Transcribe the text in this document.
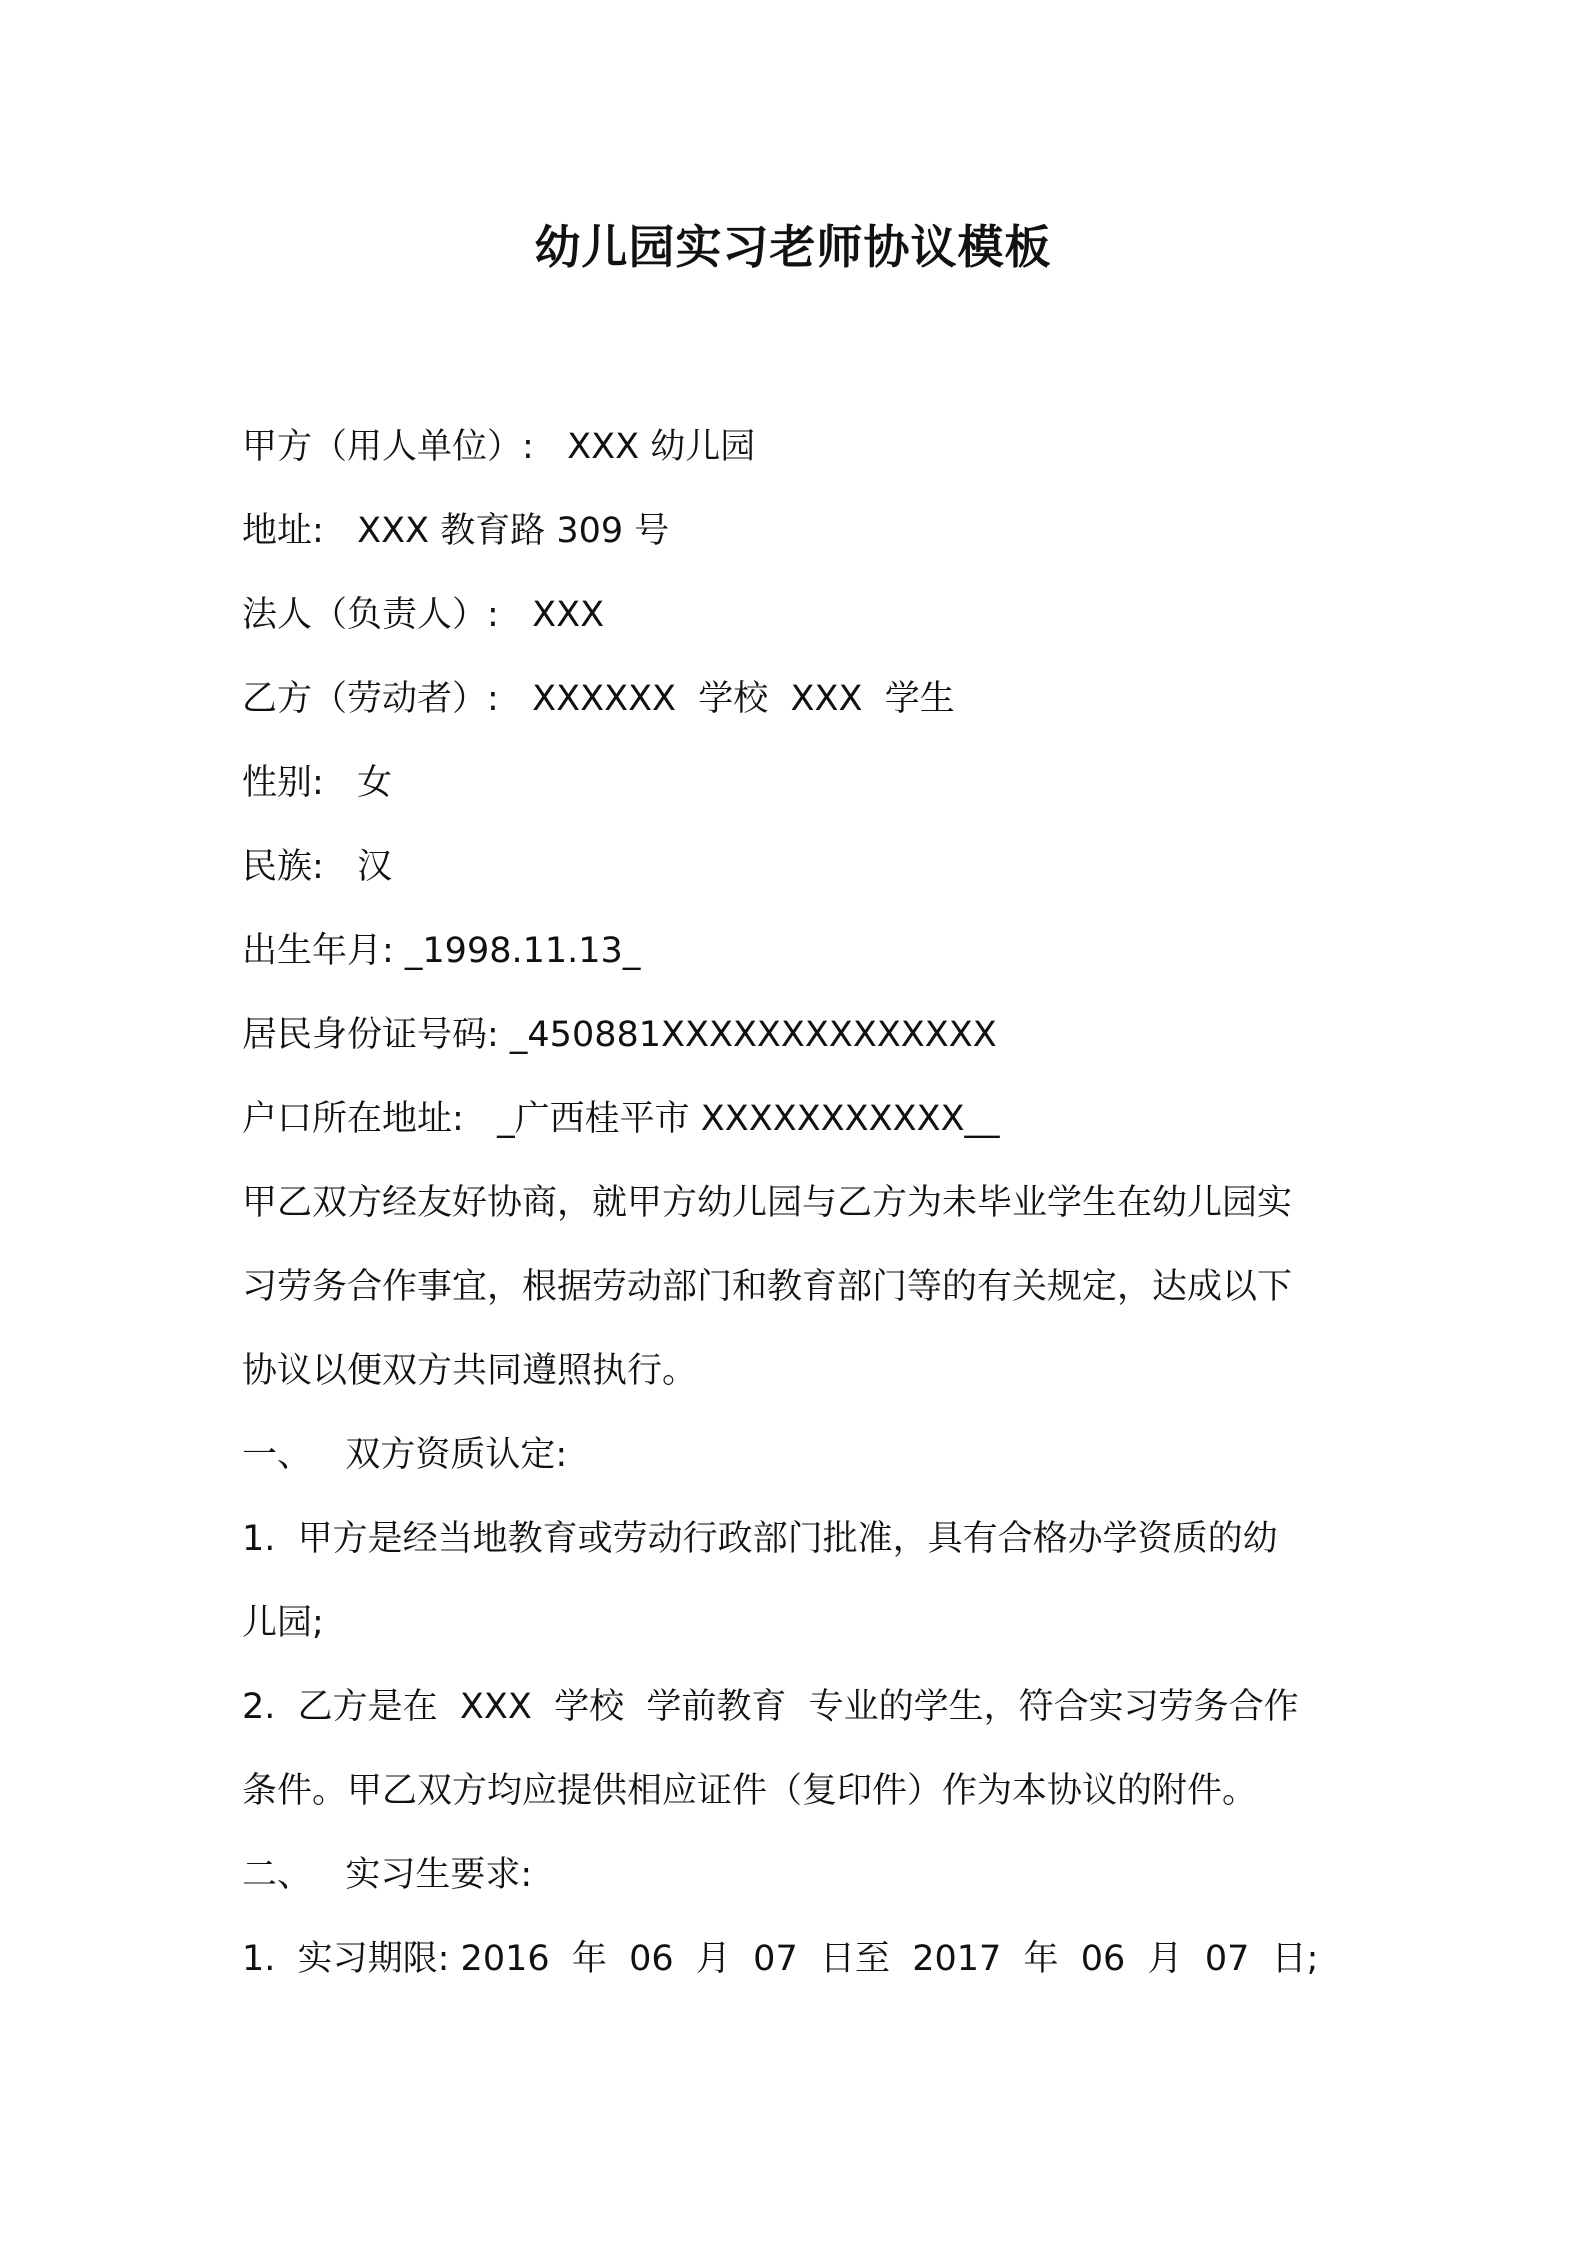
幼儿园实习老师协议模板

甲方（用人单位）:   XXX 幼儿园

地址:   XXX 教育路 309 号

法人（负责人）:   XXX

乙方（劳动者）:   XXXXXX  学校  XXX  学生

性别:   女

民族:   汉

出生年月: _1998.11.13_

居民身份证号码: _450881XXXXXXXXXXXXXX

户口所在地址:   _广西桂平市 XXXXXXXXXXX__

甲乙双方经友好协商，就甲方幼儿园与乙方为未毕业学生在幼儿园实

习劳务合作事宜，根据劳动部门和教育部门等的有关规定，达成以下

协议以便双方共同遵照执行。

一、   双方资质认定:

1.  甲方是经当地教育或劳动行政部门批准，具有合格办学资质的幼

儿园;

2.  乙方是在  XXX  学校  学前教育  专业的学生，符合实习劳务合作

条件。甲乙双方均应提供相应证件（复印件）作为本协议的附件。

二、   实习生要求:

1.  实习期限: 2016  年  06  月  07  日至  2017  年  06  月  07  日;
